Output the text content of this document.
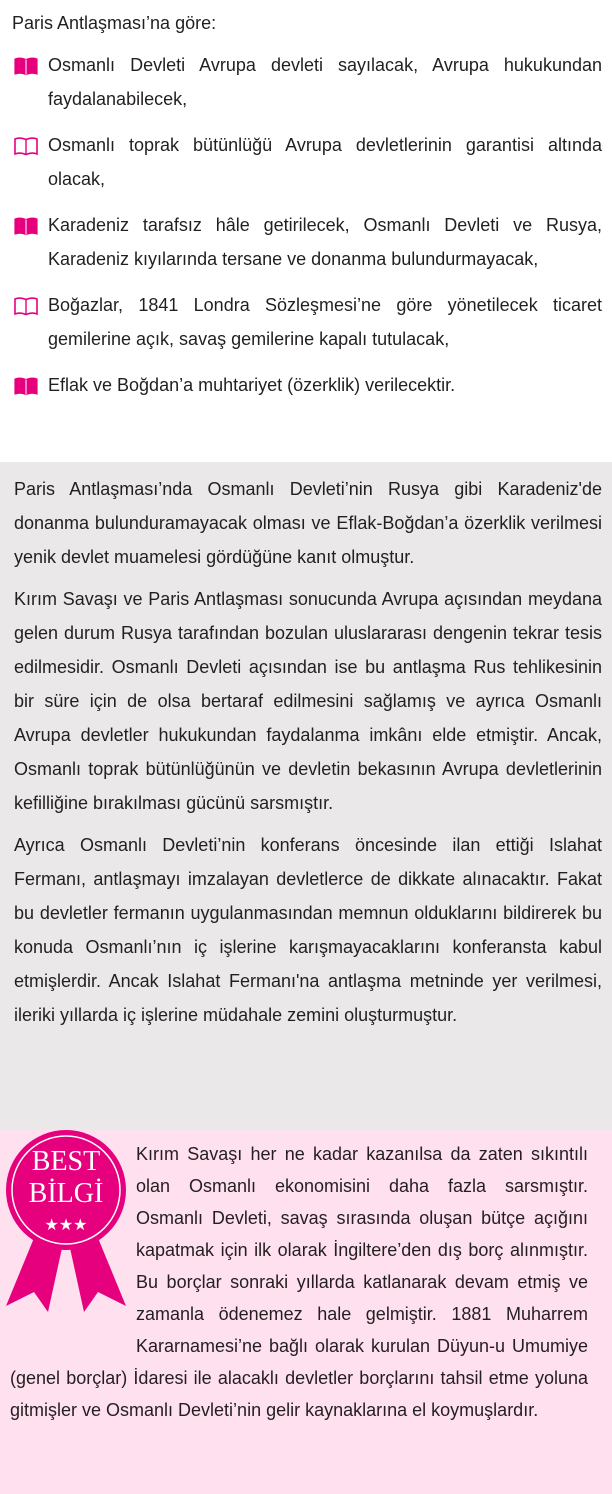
Paris Antlaşması’na göre:

Osmanlı Devleti Avrupa devleti sayılacak, Avrupa hukukundan faydalanabilecek,
Osmanlı toprak bütünlüğü Avrupa devletlerinin garantisi altında olacak,
Karadeniz tarafsız hâle getirilecek, Osmanlı Devleti ve Rusya, Karadeniz kıyılarında tersane ve donanma bulundurmayacak,
Boğazlar, 1841 Londra Sözleşmesi’ne göre yönetilecek ticaret gemilerine açık, savaş gemilerine kapalı tutulacak,
Eflak ve Boğdan’a muhtariyet (özerklik) verilecektir.

Paris Antlaşması’nda Osmanlı Devleti’nin Rusya gibi Karadeniz'de donanma bulunduramayacak olması ve Eflak-Boğdan’a özerklik verilmesi yenik devlet muamelesi gördüğüne kanıt olmuştur.

Kırım Savaşı ve Paris Antlaşması sonucunda Avrupa açısından meydana gelen durum Rusya tarafından bozulan uluslararası dengenin tekrar tesis edilmesidir. Osmanlı Devleti açısından ise bu antlaşma Rus tehlikesinin bir süre için de olsa bertaraf edilmesini sağlamış ve ayrıca Osmanlı Avrupa devletler hukukundan faydalanma imkânı elde etmiştir. Ancak, Osmanlı toprak bütünlüğünün ve devletin bekasının Avrupa devletlerinin kefilliğine bırakılması gücünü sarsmıştır.

Ayrıca Osmanlı Devleti’nin konferans öncesinde ilan ettiği Islahat Fermanı, antlaşmayı imzalayan devletlerce de dikkate alınacaktır. Fakat bu devletler fermanın uygulanmasından memnun olduklarını bildirerek bu konuda Osmanlı’nın iç işlerine karışmayacaklarını konferansta kabul etmişlerdir. Ancak Islahat Fermanı'na antlaşma metninde yer verilmesi, ileriki yıllarda iç işlerine müdahale zemini oluşturmuştur.

BEST
BİLGİ
★★★

Kırım Savaşı her ne kadar kazanılsa da zaten sıkıntılı olan Osmanlı ekonomisini daha fazla sarsmıştır. Osmanlı Devleti, savaş sırasında oluşan bütçe açığını kapatmak için ilk olarak İngiltere’den dış borç alınmıştır. Bu borçlar sonraki yıllarda katlanarak devam etmiş ve zamanla ödenemez hale gelmiştir. 1881 Muharrem Kararnamesi’ne bağlı olarak kurulan Düyun-u Umumiye (genel borçlar) İdaresi ile alacaklı devletler borçlarını tahsil etme yoluna gitmişler ve Osmanlı Devleti’nin gelir kaynaklarına el koymuşlardır.
